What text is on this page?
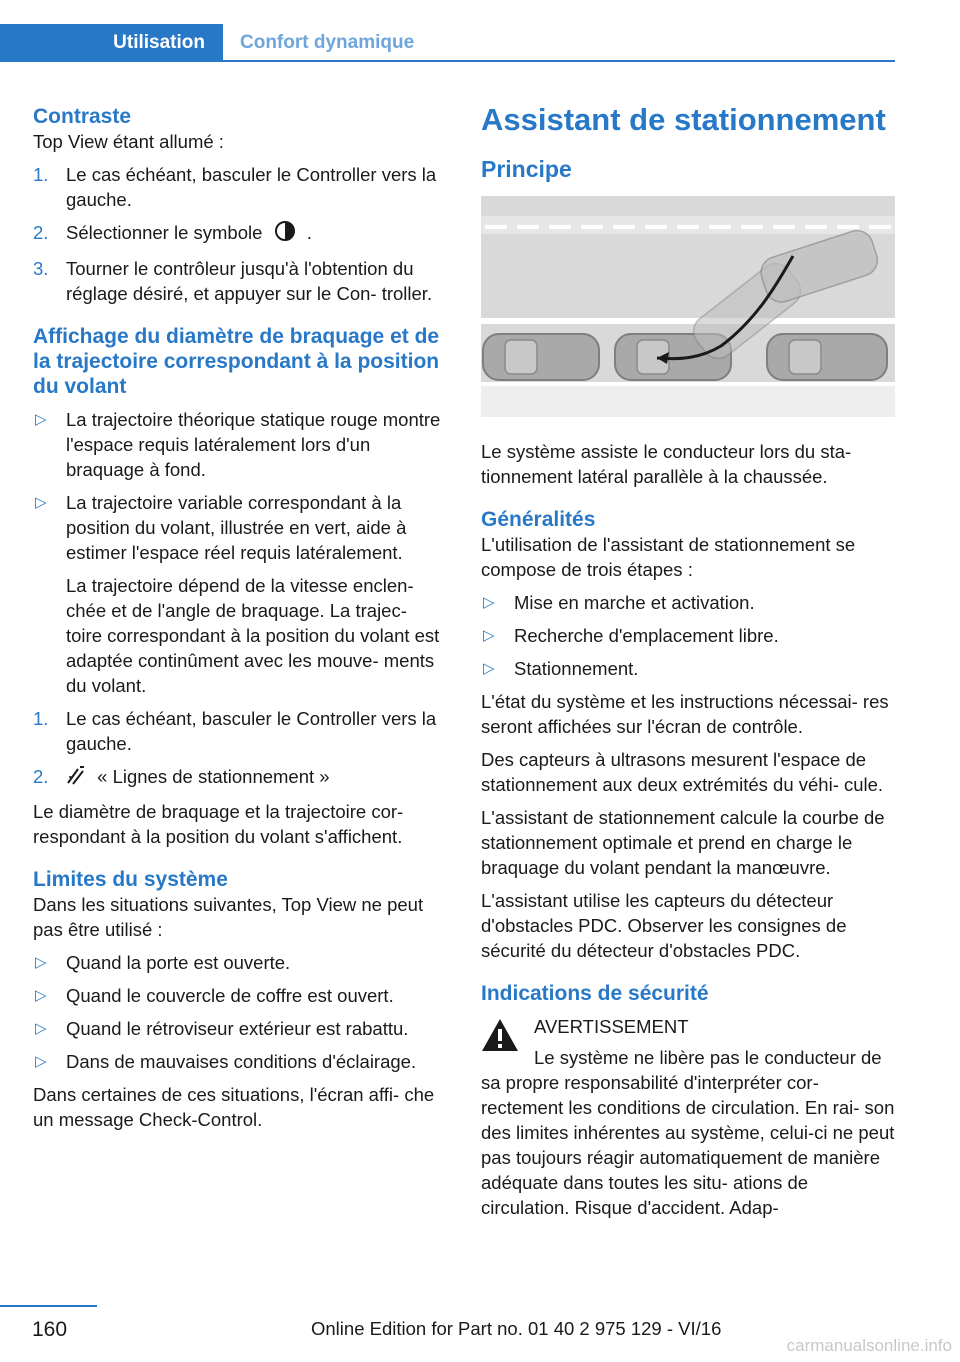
Utilisation	Confort dynamique
Contraste

Top View étant allumé :

1. Le cas échéant, basculer le Controller vers la gauche.
2. Sélectionner le symbole .
3. Tourner le contrôleur jusqu'à l'obtention du réglage désiré, et appuyer sur le Con- troller.
Affichage du diamètre de braquage et de la trajectoire correspondant à la position du volant
▷ La trajectoire théorique statique rouge montre l'espace requis latéralement lors d'un braquage à fond.
▷ La trajectoire variable correspondant à la position du volant, illustrée en vert, aide à estimer l'espace réel requis latéralement.
La trajectoire dépend de la vitesse enclen- chée et de l'angle de braquage. La trajec- toire correspondant à la position du volant est adaptée continûment avec les mouve- ments du volant.
1. Le cas échéant, basculer le Controller vers la gauche.
2.	« Lignes de stationnement »

Le diamètre de braquage et la trajectoire cor- respondant à la position du volant s'affichent.

Limites du système

Dans les situations suivantes, Top View ne peut pas être utilisé :

▷ Quand la porte est ouverte.
▷ Quand le couvercle de coffre est ouvert.
▷ Quand le rétroviseur extérieur est rabattu.
▷ Dans de mauvaises conditions d'éclairage.

Dans certaines de ces situations, l'écran affi- che un message Check-Control.

Assistant de stationnement
Principe

Le système assiste le conducteur lors du sta- tionnement latéral parallèle à la chaussée.

Généralités

L'utilisation de l'assistant de stationnement se compose de trois étapes :

▷ Mise en marche et activation.
▷ Recherche d'emplacement libre.
▷ Stationnement.

L'état du système et les instructions nécessai- res seront affichées sur l'écran de contrôle.

Des capteurs à ultrasons mesurent l'espace de stationnement aux deux extrémités du véhi- cule.

L'assistant de stationnement calcule la courbe de stationnement optimale et prend en charge le braquage du volant pendant la manœuvre.

L'assistant utilise les capteurs du détecteur d'obstacles PDC. Observer les consignes de sécurité du détecteur d'obstacles PDC.

Indications de sécurité
AVERTISSEMENT

Le système ne libère pas le conducteur de sa propre responsabilité d'interpréter cor- rectement les conditions de circulation. En rai- son des limites inhérentes au système, celui-ci ne peut pas toujours réagir automatiquement de manière adéquate dans toutes les situ- ations de circulation. Risque d'accident. Adap-

160	Online Edition for Part no. 01 40 2 975 129 - VI/16
carmanualsonline.info
